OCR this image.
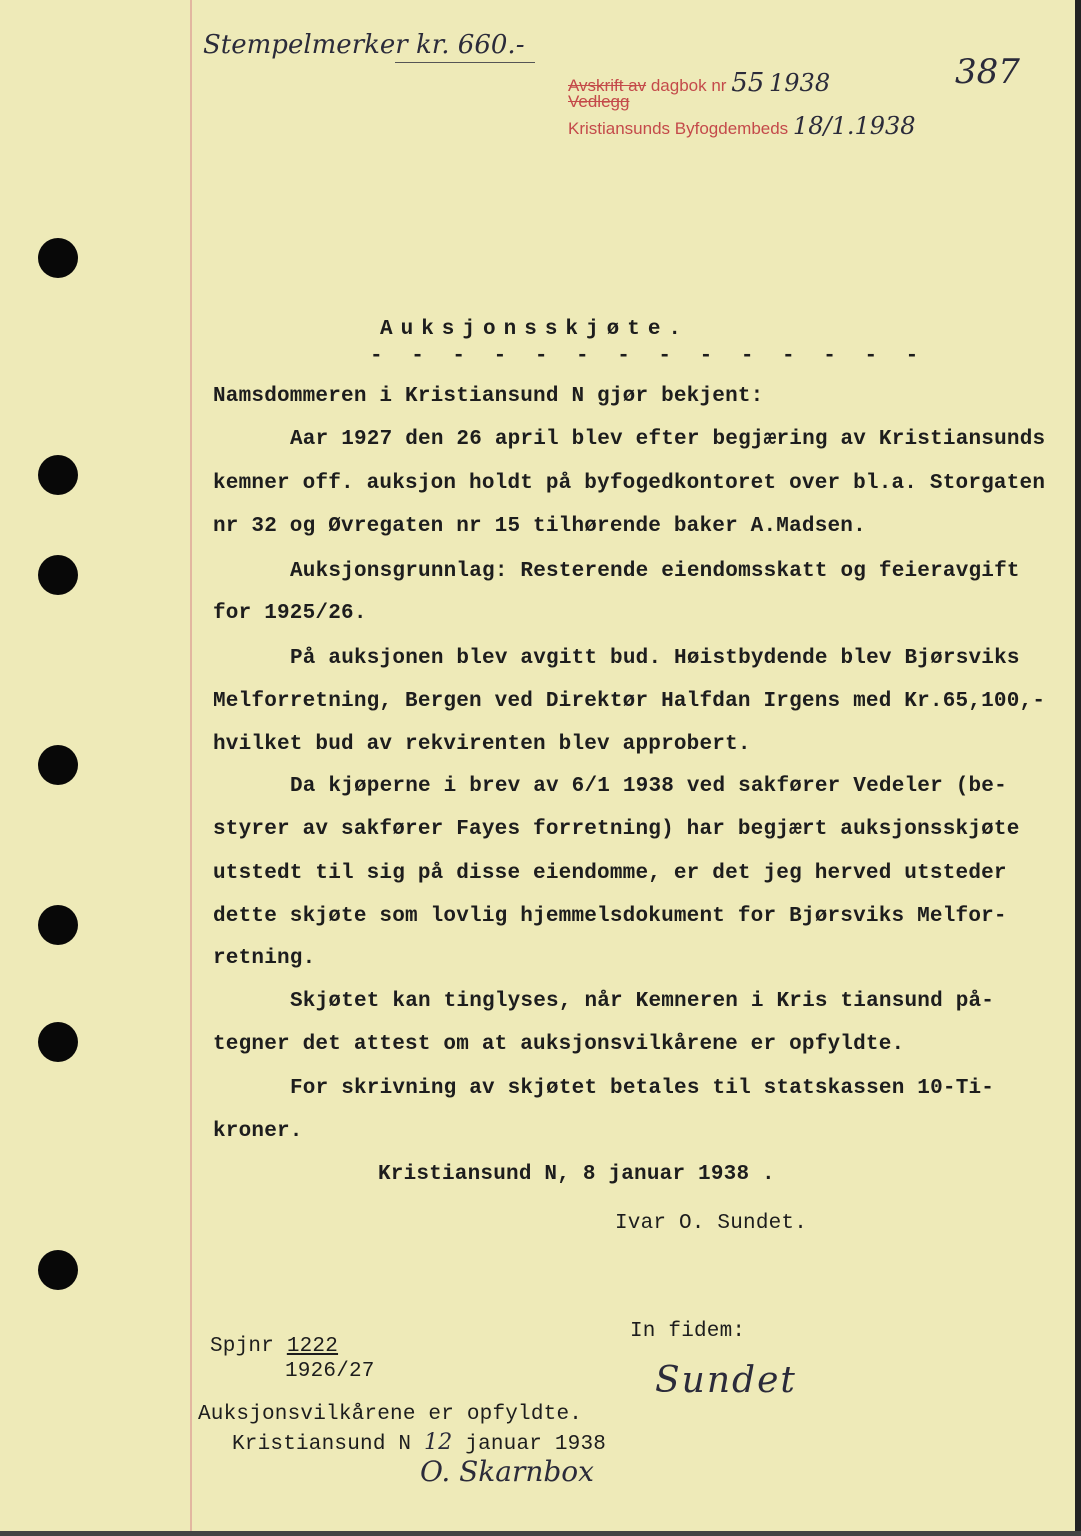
Stempelmerker kr. 660.-
Avskrift av dagbok nr 55 1938
Vedlegg
Kristiansunds Byfogdembeds 18/1.1938
387
Auksjonsskjøte.
- - - - - - - - - - - - - -
Namsdommeren i Kristiansund N gjør bekjent:
Aar 1927 den 26 april blev efter begjæring av Kristiansunds
kemner off. auksjon holdt på byfogedkontoret over bl.a. Storgaten
nr 32 og Øvregaten nr 15 tilhørende baker A.Madsen.
Auksjonsgrunnlag: Resterende eiendomsskatt og feieravgift
for 1925/26.
På auksjonen blev avgitt bud. Høistbydende blev Bjørsviks
Melforretning, Bergen ved Direktør Halfdan Irgens med Kr.65,100,-
hvilket bud av rekvirenten blev approbert.
Da kjøperne i brev av 6/1 1938 ved sakfører Vedeler (be-
styrer av sakfører Fayes forretning) har begjært auksjonsskjøte
utstedt til sig på disse eiendomme, er det jeg herved utsteder
dette skjøte som lovlig hjemmelsdokument for Bjørsviks Melfor-
retning.
Skjøtet kan tinglyses, når Kemneren i Kris tiansund på-
tegner det attest om at auksjonsvilkårene er opfyldte.
For skrivning av skjøtet betales til statskassen 10-Ti-
kroner.
Kristiansund N, 8 januar 1938 .
Ivar O. Sundet.
In fidem:
Sundet
Spjnr 1222
1926/27
Auksjonsvilkårene er opfyldte.
Kristiansund N 12 januar 1938
O. Skarnbox
